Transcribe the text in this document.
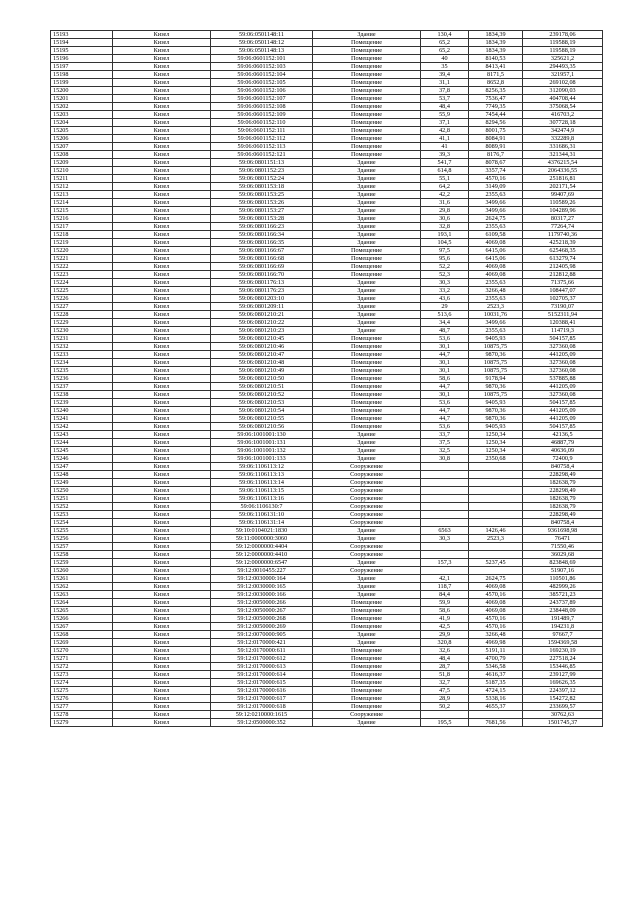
15193	Кизел	59:06:0501148:11	Здание	130,4	1834,39	239178,06
15194	Кизел	59:06:0501148:12	Помещение	65,2	1834,39	119588,19
15195	Кизел	59:06:0501148:13	Помещение	65,2	1834,39	119588,19
15196	Кизел	59:06:0601152:101	Помещение	40	8140,53	325621,2
15197	Кизел	59:06:0601152:103	Помещение	35	8413,41	294493,35
15198	Кизел	59:06:0601152:104	Помещение	39,4	8171,5	321957,1
15199	Кизел	59:06:0601152:105	Помещение	31,1	8652,8	269102,08
15200	Кизел	59:06:0601152:106	Помещение	37,8	8256,35	312090,03
15201	Кизел	59:06:0601152:107	Помещение	53,7	7536,47	404708,44
15202	Кизел	59:06:0601152:108	Помещение	48,4	7749,35	375068,54
15203	Кизел	59:06:0601152:109	Помещение	55,9	7454,44	416703,2
15204	Кизел	59:06:0601152:110	Помещение	37,1	8294,56	307728,18
15205	Кизел	59:06:0601152:111	Помещение	42,8	8001,75	342474,9
15206	Кизел	59:06:0601152:112	Помещение	41,1	8084,91	332289,8
15207	Кизел	59:06:0601152:113	Помещение	41	8089,91	331686,31
15208	Кизел	59:06:0601152:121	Помещение	39,3	8176,7	321344,31
15209	Кизел	59:06:0801151:13	Здание	541,7	8078,67	4376215,54
15210	Кизел	59:06:0801152:23	Здание	614,8	3357,74	2064336,55
15211	Кизел	59:06:0801152:24	Здание	55,1	4570,16	251816,81
15212	Кизел	59:06:0801153:18	Здание	64,2	3149,09	202171,54
15213	Кизел	59:06:0801153:25	Здание	42,2	2355,63	99407,69
15214	Кизел	59:06:0801153:26	Здание	31,6	3499,66	110589,26
15215	Кизел	59:06:0801153:27	Здание	29,8	3499,66	104289,96
15216	Кизел	59:06:0801153:28	Здание	30,6	2624,75	80317,27
15217	Кизел	59:06:0801166:23	Здание	32,8	2355,63	77264,74
15218	Кизел	59:06:0801166:34	Здание	193,1	6109,58	1179740,36
15219	Кизел	59:06:0801166:35	Здание	104,5	4069,08	425218,39
15220	Кизел	59:06:0801166:67	Помещение	97,5	6415,06	625468,35
15221	Кизел	59:06:0801166:68	Помещение	95,6	6415,06	613279,74
15222	Кизел	59:06:0801166:69	Помещение	52,2	4069,08	212405,98
15223	Кизел	59:06:0801166:70	Помещение	52,3	4069,08	212812,88
15224	Кизел	59:06:0801176:13	Здание	30,3	2355,63	71375,66
15225	Кизел	59:06:0801176:23	Здание	33,2	3266,48	108447,07
15226	Кизел	59:06:0801203:10	Здание	43,6	2355,63	102705,37
15227	Кизел	59:06:0801209:11	Здание	29	2523,3	73190,07
15228	Кизел	59:06:0801210:21	Здание	513,6	10031,76	5152311,94
15229	Кизел	59:06:0801210:22	Здание	34,4	3499,66	120388,41
15230	Кизел	59:06:0801210:23	Здание	48,7	2355,63	114719,3
15231	Кизел	59:06:0801210:45	Помещение	53,6	9405,93	504157,85
15232	Кизел	59:06:0801210:46	Помещение	30,1	10875,75	327360,08
15233	Кизел	59:06:0801210:47	Помещение	44,7	9870,36	441205,09
15234	Кизел	59:06:0801210:48	Помещение	30,1	10875,75	327360,08
15235	Кизел	59:06:0801210:49	Помещение	30,1	10875,75	327360,08
15236	Кизел	59:06:0801210:50	Помещение	58,6	9178,94	537885,88
15237	Кизел	59:06:0801210:51	Помещение	44,7	9870,36	441205,09
15238	Кизел	59:06:0801210:52	Помещение	30,1	10875,75	327360,08
15239	Кизел	59:06:0801210:53	Помещение	53,6	9405,93	504157,85
15240	Кизел	59:06:0801210:54	Помещение	44,7	9870,36	441205,09
15241	Кизел	59:06:0801210:55	Помещение	44,7	9870,36	441205,09
15242	Кизел	59:06:0801210:56	Помещение	53,6	9405,93	504157,85
15243	Кизел	59:06:1001001:130	Здание	33,7	1250,34	42136,5
15244	Кизел	59:06:1001001:131	Здание	37,5	1250,34	46887,79
15245	Кизел	59:06:1001001:132	Здание	32,5	1250,34	40636,09
15246	Кизел	59:06:1001001:133	Здание	30,8	2350,68	72400,9
15247	Кизел	59:06:1106113:12	Сооружение			840758,4
15248	Кизел	59:06:1106113:13	Сооружение			228298,49
15249	Кизел	59:06:1106113:14	Сооружение			182638,79
15250	Кизел	59:06:1106113:15	Сооружение			228298,49
15251	Кизел	59:06:1106113:16	Сооружение			182638,79
15252	Кизел	59:06:1106130:7	Сооружение			182638,79
15253	Кизел	59:06:1106131:10	Сооружение			228298,49
15254	Кизел	59:06:1106131:14	Сооружение			840758,4
15255	Кизел	59:10:0104021:1830	Здание	6563	1426,46	9361698,98
15256	Кизел	59:11:0000000:3060	Здание	30,3	2523,3	76471
15257	Кизел	59:12:0000000:4404	Сооружение			71550,46
15258	Кизел	59:12:0000000:4410	Сооружение			36029,68
15259	Кизел	59:12:0000000:6547	Здание	157,3	5237,45	823848,69
15260	Кизел	59:12:0010455:227	Сооружение			51907,16
15261	Кизел	59:12:0030000:164	Здание	42,1	2624,75	110501,86
15262	Кизел	59:12:0030000:165	Здание	118,7	4069,08	482999,26
15263	Кизел	59:12:0030000:166	Здание	84,4	4570,16	385721,23
15264	Кизел	59:12:0050000:266	Помещение	59,9	4069,08	243737,89
15265	Кизел	59:12:0050000:267	Помещение	58,6	4069,08	238448,09
15266	Кизел	59:12:0050000:268	Помещение	41,9	4570,16	191489,7
15267	Кизел	59:12:0050000:269	Помещение	42,5	4570,16	194231,8
15268	Кизел	59:12:0070000:905	Здание	29,9	3266,48	97667,7
15269	Кизел	59:12:0170000:421	Здание	320,8	4969,98	1594369,58
15270	Кизел	59:12:0170000:611	Помещение	32,6	5191,11	169230,19
15271	Кизел	59:12:0170000:612	Помещение	48,4	4700,79	227518,24
15272	Кизел	59:12:0170000:613	Помещение	28,7	5346,58	153446,85
15273	Кизел	59:12:0170000:614	Помещение	51,8	4616,37	239127,99
15274	Кизел	59:12:0170000:615	Помещение	32,7	5187,35	169626,35
15275	Кизел	59:12:0170000:616	Помещение	47,5	4724,15	224397,12
15276	Кизел	59:12:0170000:617	Помещение	28,9	5338,16	154272,82
15277	Кизел	59:12:0170000:618	Помещение	50,2	4655,37	233699,57
15278	Кизел	59:12:0210000:1615	Сооружение			30762,63
15279	Кизел	59:12:0500000:352	Здание	195,5	7681,56	1501745,37
